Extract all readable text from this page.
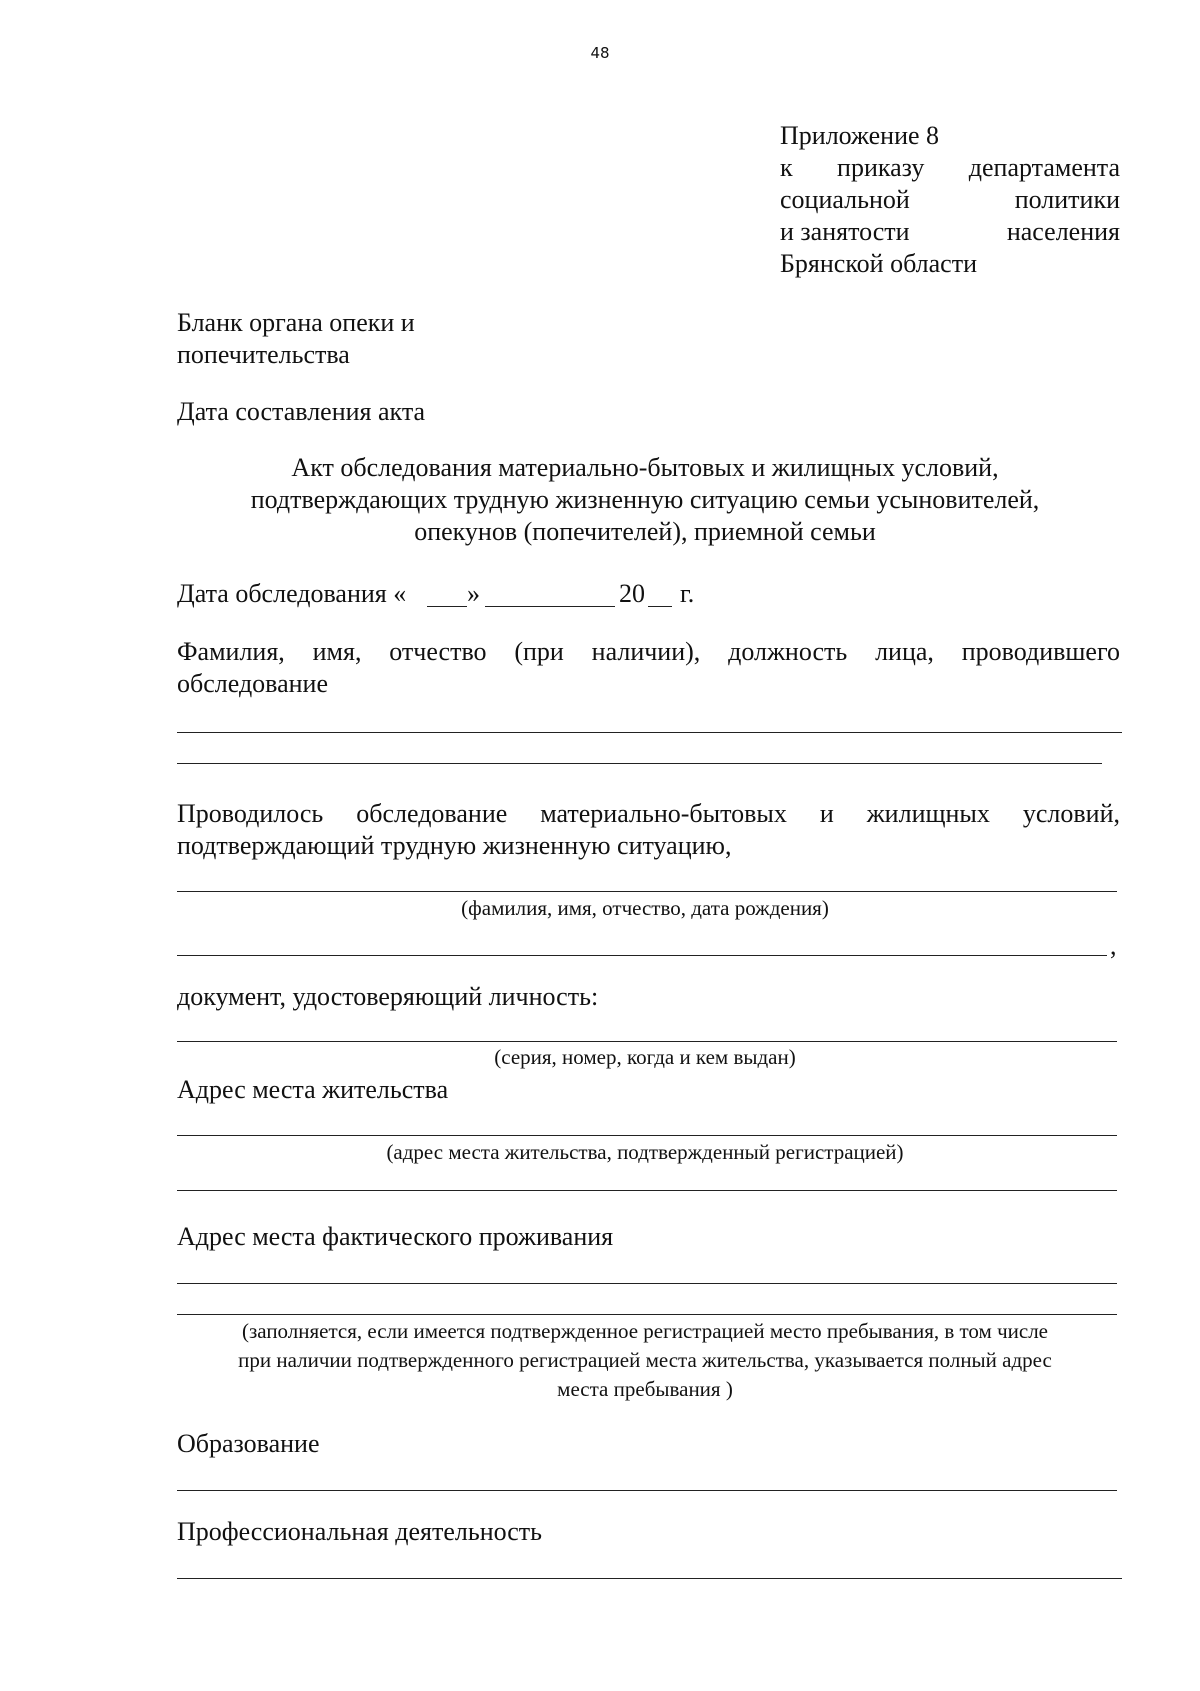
48
Приложение 8
к приказу департамента
социальной	политики
и занятости	населения
Брянской области
Бланк органа опеки и
попечительства
Дата составления акта
Акт обследования материально-бытовых и жилищных условий,
подтверждающих трудную жизненную ситуацию семьи усыновителей,
опекунов (попечителей), приемной семьи
Дата обследования « »	20 г.
Фамилия, имя, отчество (при наличии), должность лица, проводившего
обследование
Проводилось обследование материально-бытовых и жилищных условий,
подтверждающий трудную жизненную ситуацию,
(фамилия, имя, отчество, дата рождения)
,
документ, удостоверяющий личность:
(серия, номер, когда и кем выдан)
Адрес места жительства
(адрес места жительства, подтвержденный регистрацией)
Адрес места фактического проживания
(заполняется, если имеется подтвержденное регистрацией место пребывания, в том числе
при наличии подтвержденного регистрацией места жительства, указывается полный адрес
места пребывания )
Образование
Профессиональная деятельность
